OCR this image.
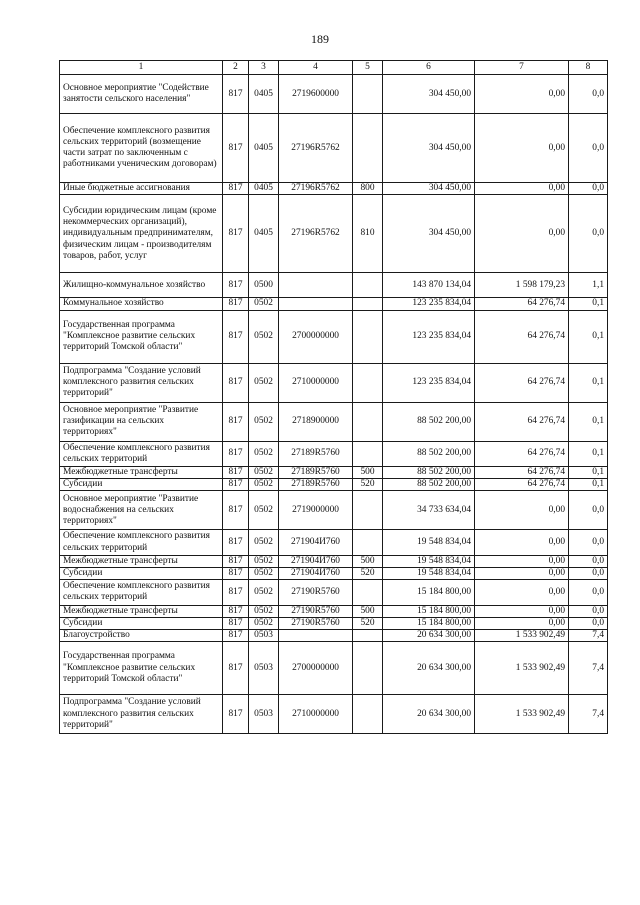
189
1	2	3	4	5	6	7	8
Основное мероприятие "Содействие занятости сельского населения"	817	0405	2719600000		304 450,00	0,00	0,0
Обеспечение комплексного развития сельских территорий (возмещение части затрат по заключенным с работниками ученическим договорам)	817	0405	27196R5762		304 450,00	0,00	0,0
Иные бюджетные ассигнования	817	0405	27196R5762	800	304 450,00	0,00	0,0
Субсидии юридическим лицам (кроме некоммерческих организаций), индивидуальным предпринимателям, физическим лицам - производителям товаров, работ, услуг	817	0405	27196R5762	810	304 450,00	0,00	0,0
Жилищно-коммунальное хозяйство	817	0500			143 870 134,04	1 598 179,23	1,1
Коммунальное хозяйство	817	0502			123 235 834,04	64 276,74	0,1
Государственная программа "Комплексное развитие сельских территорий Томской области"	817	0502	2700000000		123 235 834,04	64 276,74	0,1
Подпрограмма "Создание условий комплексного развития сельских территорий"	817	0502	2710000000		123 235 834,04	64 276,74	0,1
Основное мероприятие "Развитие газификации на сельских территориях"	817	0502	2718900000		88 502 200,00	64 276,74	0,1
Обеспечение комплексного развития сельских территорий	817	0502	27189R5760		88 502 200,00	64 276,74	0,1
Межбюджетные трансферты	817	0502	27189R5760	500	88 502 200,00	64 276,74	0,1
Субсидии	817	0502	27189R5760	520	88 502 200,00	64 276,74	0,1
Основное мероприятие "Развитие водоснабжения на сельских территориях"	817	0502	2719000000		34 733 634,04	0,00	0,0
Обеспечение комплексного развития сельских территорий	817	0502	271904И760		19 548 834,04	0,00	0,0
Межбюджетные трансферты	817	0502	271904И760	500	19 548 834,04	0,00	0,0
Субсидии	817	0502	271904И760	520	19 548 834,04	0,00	0,0
Обеспечение комплексного развития сельских территорий	817	0502	27190R5760		15 184 800,00	0,00	0,0
Межбюджетные трансферты	817	0502	27190R5760	500	15 184 800,00	0,00	0,0
Субсидии	817	0502	27190R5760	520	15 184 800,00	0,00	0,0
Благоустройство	817	0503			20 634 300,00	1 533 902,49	7,4
Государственная программа "Комплексное развитие сельских территорий Томской области"	817	0503	2700000000		20 634 300,00	1 533 902,49	7,4
Подпрограмма "Создание условий комплексного развития сельских территорий"	817	0503	2710000000		20 634 300,00	1 533 902,49	7,4
